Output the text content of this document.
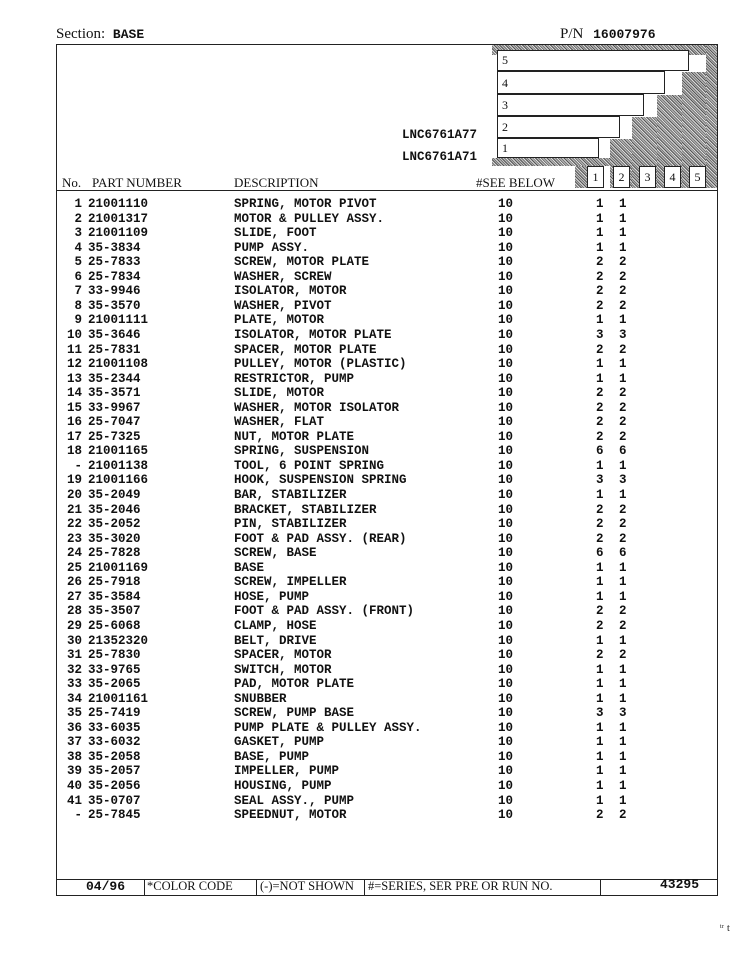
Section: BASE	P/N 16007976
5
4
3
2
1
LNC6761A77
LNC6761A71
No. PART NUMBER	DESCRIPTION	#SEE BELOW	1	2	3	4	5
1 21001110	SPRING, MOTOR PIVOT	10	1 1
2 21001317	MOTOR & PULLEY ASSY.	10	1 1
3 21001109	SLIDE, FOOT	10	1 1
4 35-3834	PUMP ASSY.	10	1 1
5 25-7833	SCREW, MOTOR PLATE	10	2 2
6 25-7834	WASHER, SCREW	10	2 2
7 33-9946	ISOLATOR, MOTOR	10	2 2
8 35-3570	WASHER, PIVOT	10	2 2
9 21001111	PLATE, MOTOR	10	1 1
10 35-3646	ISOLATOR, MOTOR PLATE	10	3 3
11 25-7831	SPACER, MOTOR PLATE	10	2 2
12 21001108	PULLEY, MOTOR (PLASTIC)	10	1 1
13 35-2344	RESTRICTOR, PUMP	10	1 1
14 35-3571	SLIDE, MOTOR	10	2 2
15 33-9967	WASHER, MOTOR ISOLATOR	10	2 2
16 25-7047	WASHER, FLAT	10	2 2
17 25-7325	NUT, MOTOR PLATE	10	2 2
18 21001165	SPRING, SUSPENSION	10	6 6
- 21001138	TOOL, 6 POINT SPRING	10	1 1
19 21001166	HOOK, SUSPENSION SPRING	10	3 3
20 35-2049	BAR, STABILIZER	10	1 1
21 35-2046	BRACKET, STABILIZER	10	2 2
22 35-2052	PIN, STABILIZER	10	2 2
23 35-3020	FOOT & PAD ASSY. (REAR)	10	2 2
24 25-7828	SCREW, BASE	10	6 6
25 21001169	BASE	10	1 1
26 25-7918	SCREW, IMPELLER	10	1 1
27 35-3584	HOSE, PUMP	10	1 1
28 35-3507	FOOT & PAD ASSY. (FRONT)	10	2 2
29 25-6068	CLAMP, HOSE	10	2 2
30 21352320	BELT, DRIVE	10	1 1
31 25-7830	SPACER, MOTOR	10	2 2
32 33-9765	SWITCH, MOTOR	10	1 1
33 35-2065	PAD, MOTOR PLATE	10	1 1
34 21001161	SNUBBER	10	1 1
35 25-7419	SCREW, PUMP BASE	10	3 3
36 33-6035	PUMP PLATE & PULLEY ASSY.	10	1 1
37 33-6032	GASKET, PUMP	10	1 1
38 35-2058	BASE, PUMP	10	1 1
39 35-2057	IMPELLER, PUMP	10	1 1
40 35-2056	HOUSING, PUMP	10	1 1
41 35-0707	SEAL ASSY., PUMP	10	1 1
- 25-7845	SPEEDNUT, MOTOR	10	2 2
04/96 *COLOR CODE (-)=NOT SHOWN #=SERIES, SER PRE OR RUN NO.	43295
ᵗʳ t
